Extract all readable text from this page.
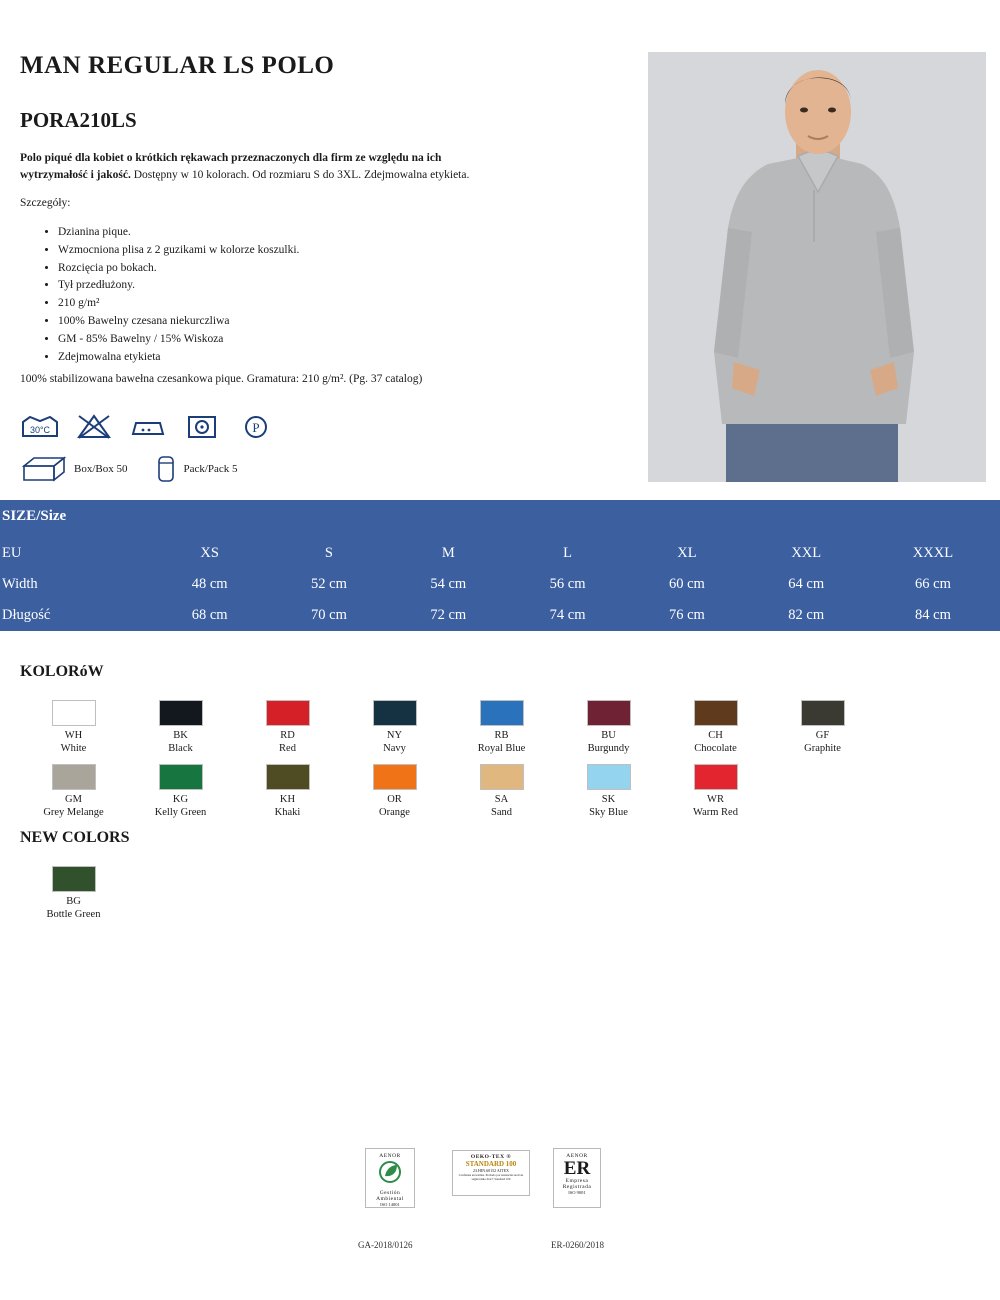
MAN REGULAR LS POLO
PORA210LS
Polo piqué dla kobiet o krótkich rękawach przeznaczonych dla firm ze względu na ich wytrzymałość i jakość. Dostępny w 10 kolorach. Od rozmiaru S do 3XL. Zdejmowalna etykieta.
Szczegóły:
• Dzianina pique.
• Wzmocniona plisa z 2 guzikami w kolorze koszulki.
• Rozcięcia po bokach.
• Tył przedłużony.
• 210 g/m²
• 100% Bawelny czesana niekurczliwa
• GM - 85% Bawelny / 15% Wiskoza
• Zdejmowalna etykieta
100% stabilizowana bawełna czesankowa pique. Gramatura: 210 g/m². (Pg. 37 catalog)
30°C	P
Box/Box 50	Pack/Pack 5
SIZE/Size
EU	XS	S	M	L	XL	XXL	XXXL
Width	48 cm	52 cm	54 cm	56 cm	60 cm	64 cm	66 cm
Długość	68 cm	70 cm	72 cm	74 cm	76 cm	82 cm	84 cm
KOLORóW
WH
White
BK
Black
RD
Red
NY
Navy
RB
Royal Blue
BU
Burgundy
CH
Chocolate
GF
Graphite
GM
Grey Melange
KG
Kelly Green
KH
Khaki
OR
Orange
SA
Sand
SK
Sky Blue
WR
Warm Red
NEW COLORS
BG
Bottle Green
AENOR
Gestión Ambiental
ISO 14001
OEKO-TEX ®
STANDARD 100
23.HIN.60152 AITEX
Confianza en textiles. Probado por sustancias nocivas según Oeko-Tex® Standard 100
AENOR
ER
Empresa Registrada
ISO 9001
GA-2018/0126	ER-0260/2018
